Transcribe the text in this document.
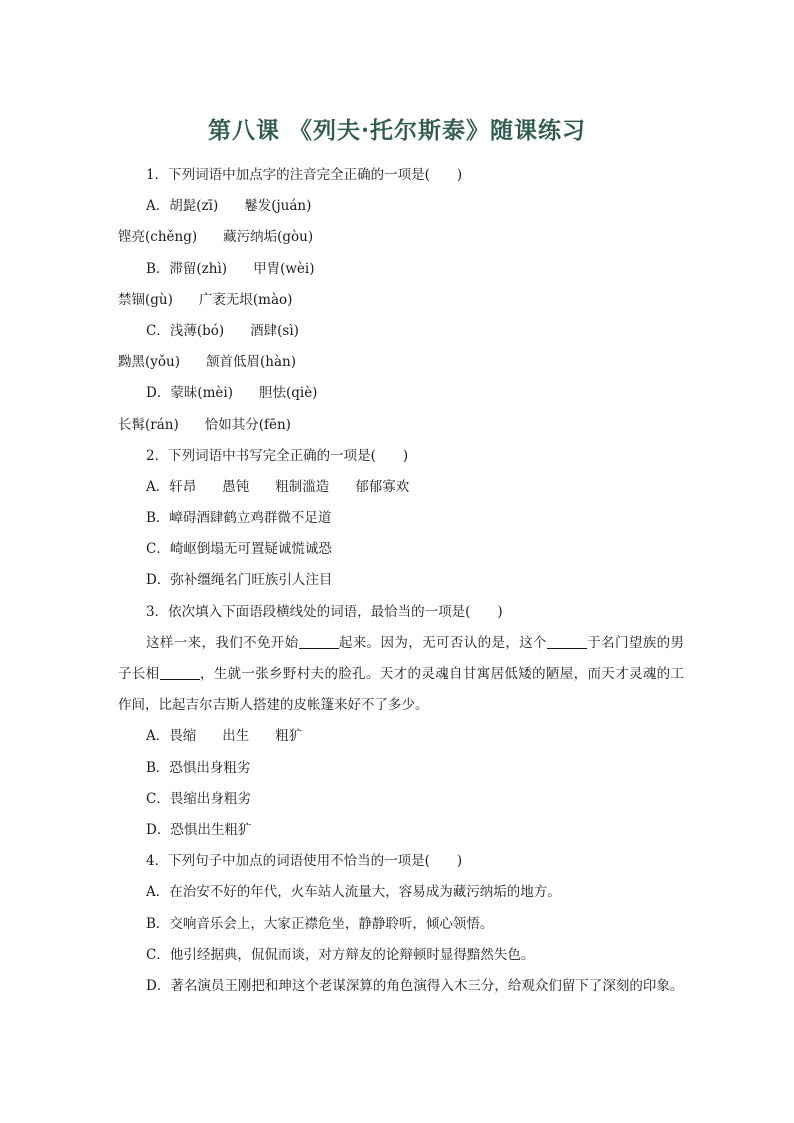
第八课 《列夫·托尔斯泰》随课练习
1．下列词语中加点字的注音完全正确的一项是(　　)
A．胡髭(zī) 鬈发(juán)
铿亮(chěng) 藏污纳垢(gòu)
B．滞留(zhì) 甲胄(wèi)
禁锢(gù) 广袤无垠(mào)
C．浅薄(bó) 酒肆(sì)
黝黑(yǒu) 颔首低眉(hàn)
D．蒙昧(mèi) 胆怯(qiè)
长髯(rán) 恰如其分(fēn)
2．下列词语中书写完全正确的一项是(　　)
A．轩昂 愚钝 粗制滥造 郁郁寡欢
B．嶂碍酒肆鹤立鸡群微不足道
C．崎岖倒塌无可置疑诚慌诚恐
D．弥补缰绳名门旺族引人注目
3．依次填入下面语段横线处的词语，最恰当的一项是(　　)
这样一来，我们不免开始	起来。因为，无可否认的是，这个	于名门望族的男子长相	，生就一张乡野村夫的脸孔。天才的灵魂自甘寓居低矮的陋屋，而天才灵魂的工作间，比起吉尔吉斯人搭建的皮帐篷来好不了多少。
A．畏缩 出生 粗犷
B．恐惧出身粗劣
C．畏缩出身粗劣
D．恐惧出生粗犷
4．下列句子中加点的词语使用不恰当的一项是(　　)
A．在治安不好的年代，火车站人流量大，容易成为藏污纳垢的地方。
B．交响音乐会上，大家正襟危坐，静静聆听，倾心领悟。
C．他引经据典，侃侃而谈，对方辩友的论辩顿时显得黯然失色。
D．著名演员王刚把和珅这个老谋深算的角色演得入木三分，给观众们留下了深刻的印象。
